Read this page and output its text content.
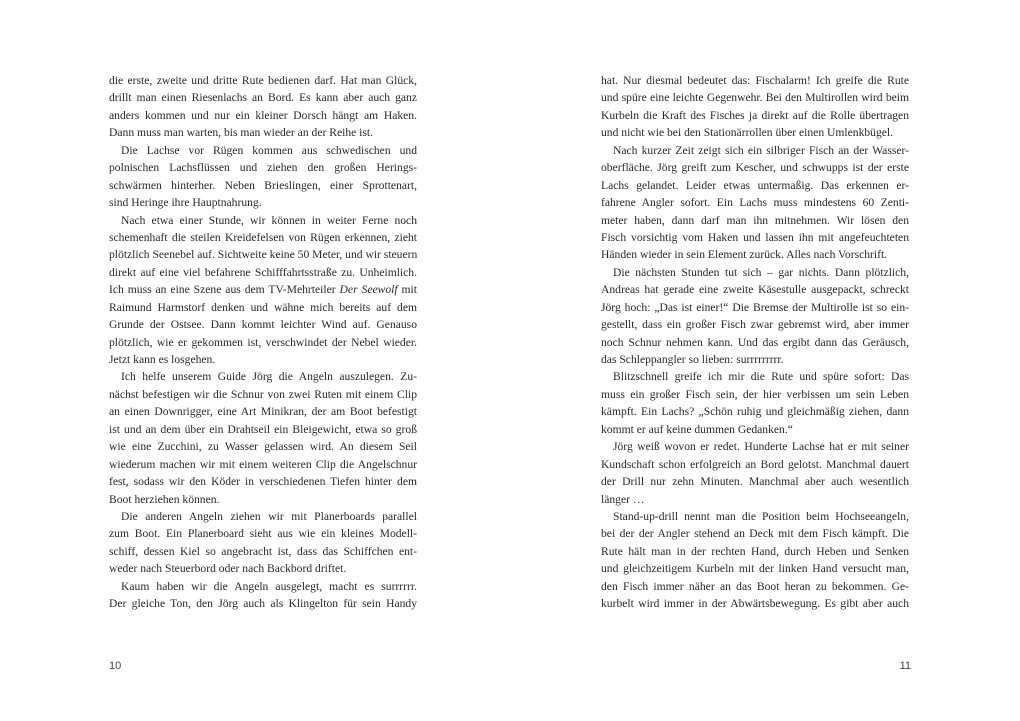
die erste, zweite und dritte Rute bedienen darf. Hat man Glück,
drillt man einen Riesenlachs an Bord. Es kann aber auch ganz
anders kommen und nur ein kleiner Dorsch hängt am Haken.
Dann muss man warten, bis man wieder an der Reihe ist.
Die Lachse vor Rügen kommen aus schwedischen und
polnischen Lachsflüssen und ziehen den großen Herings-
schwärmen hinterher. Neben Brieslingen, einer Sprottenart,
sind Heringe ihre Hauptnahrung.
Nach etwa einer Stunde, wir können in weiter Ferne noch
schemenhaft die steilen Kreidefelsen von Rügen erkennen, zieht
plötzlich Seenebel auf. Sichtweite keine 50 Meter, und wir steuern
direkt auf eine viel befahrene Schifffahrtsstraße zu. Unheimlich.
Ich muss an eine Szene aus dem TV-Mehrteiler Der Seewolf mit
Raimund Harmstorf denken und wähne mich bereits auf dem
Grunde der Ostsee. Dann kommt leichter Wind auf. Genauso
plötzlich, wie er gekommen ist, verschwindet der Nebel wieder.
Jetzt kann es losgehen.
Ich helfe unserem Guide Jörg die Angeln auszulegen. Zu-
nächst befestigen wir die Schnur von zwei Ruten mit einem Clip
an einen Downrigger, eine Art Minikran, der am Boot befestigt
ist und an dem über ein Drahtseil ein Bleigewicht, etwa so groß
wie eine Zucchini, zu Wasser gelassen wird. An diesem Seil
wiederum machen wir mit einem weiteren Clip die Angelschnur
fest, sodass wir den Köder in verschiedenen Tiefen hinter dem
Boot herziehen können.
Die anderen Angeln ziehen wir mit Planerboards parallel
zum Boot. Ein Planerboard sieht aus wie ein kleines Modell-
schiff, dessen Kiel so angebracht ist, dass das Schiffchen ent-
weder nach Steuerbord oder nach Backbord driftet.
Kaum haben wir die Angeln ausgelegt, macht es surrrrrr.
Der gleiche Ton, den Jörg auch als Klingelton für sein Handy
10
hat. Nur diesmal bedeutet das: Fischalarm! Ich greife die Rute
und spüre eine leichte Gegenwehr. Bei den Multirollen wird beim
Kurbeln die Kraft des Fisches ja direkt auf die Rolle übertragen
und nicht wie bei den Stationärrollen über einen Umlenkbügel.
Nach kurzer Zeit zeigt sich ein silbriger Fisch an der Wasser-
oberfläche. Jörg greift zum Kescher, und schwupps ist der erste
Lachs gelandet. Leider etwas untermaßig. Das erkennen er-
fahrene Angler sofort. Ein Lachs muss mindestens 60 Zenti-
meter haben, dann darf man ihn mitnehmen. Wir lösen den
Fisch vorsichtig vom Haken und lassen ihn mit angefeuchteten
Händen wieder in sein Element zurück. Alles nach Vorschrift.
Die nächsten Stunden tut sich – gar nichts. Dann plötzlich,
Andreas hat gerade eine zweite Käsestulle ausgepackt, schreckt
Jörg hoch: „Das ist einer!“ Die Bremse der Multirolle ist so ein-
gestellt, dass ein großer Fisch zwar gebremst wird, aber immer
noch Schnur nehmen kann. Und das ergibt dann das Geräusch,
das Schleppangler so lieben: surrrrrrrrr.
Blitzschnell greife ich mir die Rute und spüre sofort: Das
muss ein großer Fisch sein, der hier verbissen um sein Leben
kämpft. Ein Lachs? „Schön ruhig und gleichmäßig ziehen, dann
kommt er auf keine dummen Gedanken.“
Jörg weiß wovon er redet. Hunderte Lachse hat er mit seiner
Kundschaft schon erfolgreich an Bord gelotst. Manchmal dauert
der Drill nur zehn Minuten. Manchmal aber auch wesentlich
länger …
Stand-up-drill nennt man die Position beim Hochseeangeln,
bei der der Angler stehend an Deck mit dem Fisch kämpft. Die
Rute hält man in der rechten Hand, durch Heben und Senken
und gleichzeitigem Kurbeln mit der linken Hand versucht man,
den Fisch immer näher an das Boot heran zu bekommen. Ge-
kurbelt wird immer in der Abwärtsbewegung. Es gibt aber auch
11
